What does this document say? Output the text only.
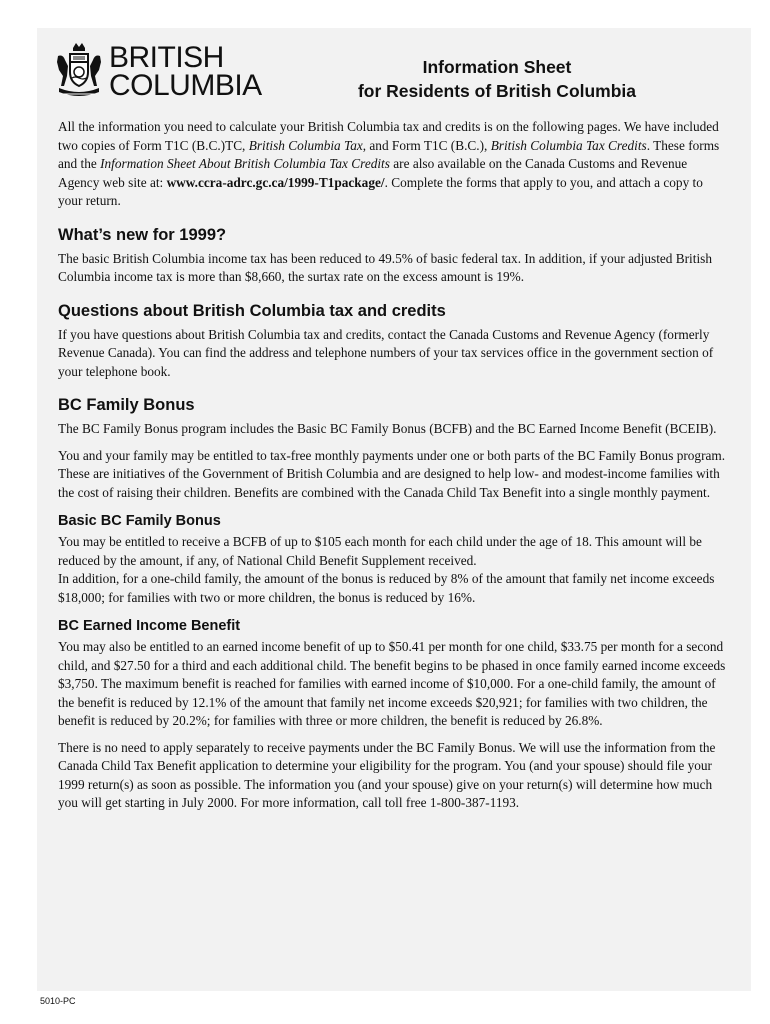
BRITISH
COLUMBIA
Information Sheet
for Residents of British Columbia

All the information you need to calculate your British Columbia tax and credits is on the following pages. We have included two copies of Form T1C (B.C.)TC, British Columbia Tax, and Form T1C (B.C.), British Columbia Tax Credits. These forms and the Information Sheet About British Columbia Tax Credits are also available on the Canada Customs and Revenue Agency web site at: www.ccra-adrc.gc.ca/1999-T1package/. Complete the forms that apply to you, and attach a copy to your return.

What’s new for 1999?

The basic British Columbia income tax has been reduced to 49.5% of basic federal tax. In addition, if your adjusted British Columbia income tax is more than $8,660, the surtax rate on the excess amount is 19%.

Questions about British Columbia tax and credits

If you have questions about British Columbia tax and credits, contact the Canada Customs and Revenue Agency (formerly Revenue Canada). You can find the address and telephone numbers of your tax services office in the government section of your telephone book.

BC Family Bonus

The BC Family Bonus program includes the Basic BC Family Bonus (BCFB) and the BC Earned Income Benefit (BCEIB).

You and your family may be entitled to tax-free monthly payments under one or both parts of the BC Family Bonus program. These are initiatives of the Government of British Columbia and are designed to help low- and modest-income families with the cost of raising their children. Benefits are combined with the Canada Child Tax Benefit into a single monthly payment.

Basic BC Family Bonus

You may be entitled to receive a BCFB of up to $105 each month for each child under the age of 18. This amount will be reduced by the amount, if any, of National Child Benefit Supplement received.
In addition, for a one-child family, the amount of the bonus is reduced by 8% of the amount that family net income exceeds $18,000; for families with two or more children, the bonus is reduced by 16%.

BC Earned Income Benefit

You may also be entitled to an earned income benefit of up to $50.41 per month for one child, $33.75 per month for a second child, and $27.50 for a third and each additional child. The benefit begins to be phased in once family earned income exceeds $3,750. The maximum benefit is reached for families with earned income of $10,000. For a one-child family, the amount of the benefit is reduced by 12.1% of the amount that family net income exceeds $20,921; for families with two children, the benefit is reduced by 20.2%; for families with three or more children, the benefit is reduced by 26.8%.

There is no need to apply separately to receive payments under the BC Family Bonus. We will use the information from the Canada Child Tax Benefit application to determine your eligibility for the program. You (and your spouse) should file your 1999 return(s) as soon as possible. The information you (and your spouse) give on your return(s) will determine how much you will get starting in July 2000. For more information, call toll free 1-800-387-1193.

5010-PC
